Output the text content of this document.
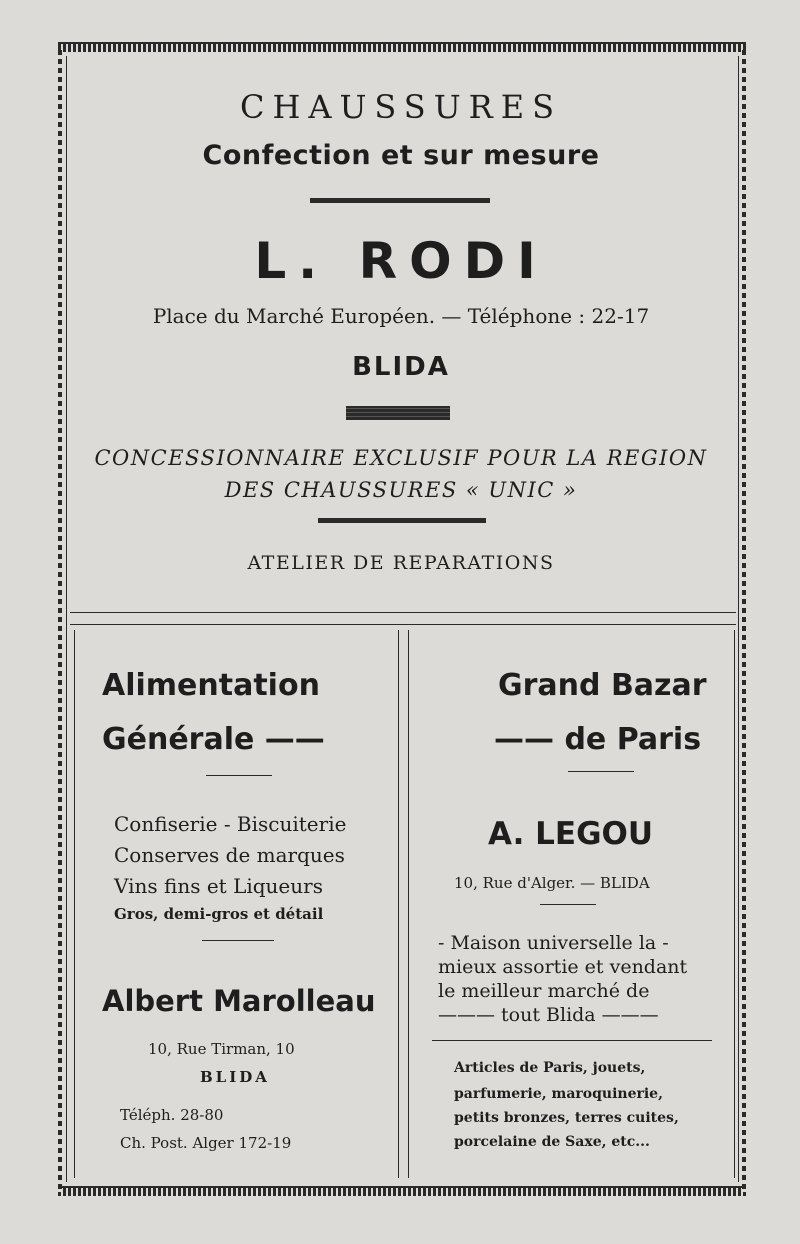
CHAUSSURES
Confection et sur mesure
L. RODI
Place du Marché Européen. — Téléphone : 22-17
BLIDA
CONCESSIONNAIRE EXCLUSIF POUR LA REGION
DES CHAUSSURES « UNIC »
ATELIER DE REPARATIONS
Alimentation
Générale ——
Confiserie - Biscuiterie
Conserves de marques
Vins fins et Liqueurs
Gros, demi-gros et détail
Albert Marolleau
10, Rue Tirman, 10
BLIDA
Téléph. 28-80
Ch. Post. Alger 172-19
Grand Bazar
—— de Paris
A. LEGOU
10, Rue d'Alger. — BLIDA
- Maison universelle la -
mieux assortie et vendant
le meilleur marché de
——— tout Blida ———
Articles de Paris, jouets,
parfumerie, maroquinerie,
petits bronzes, terres cuites,
porcelaine de Saxe, etc...
